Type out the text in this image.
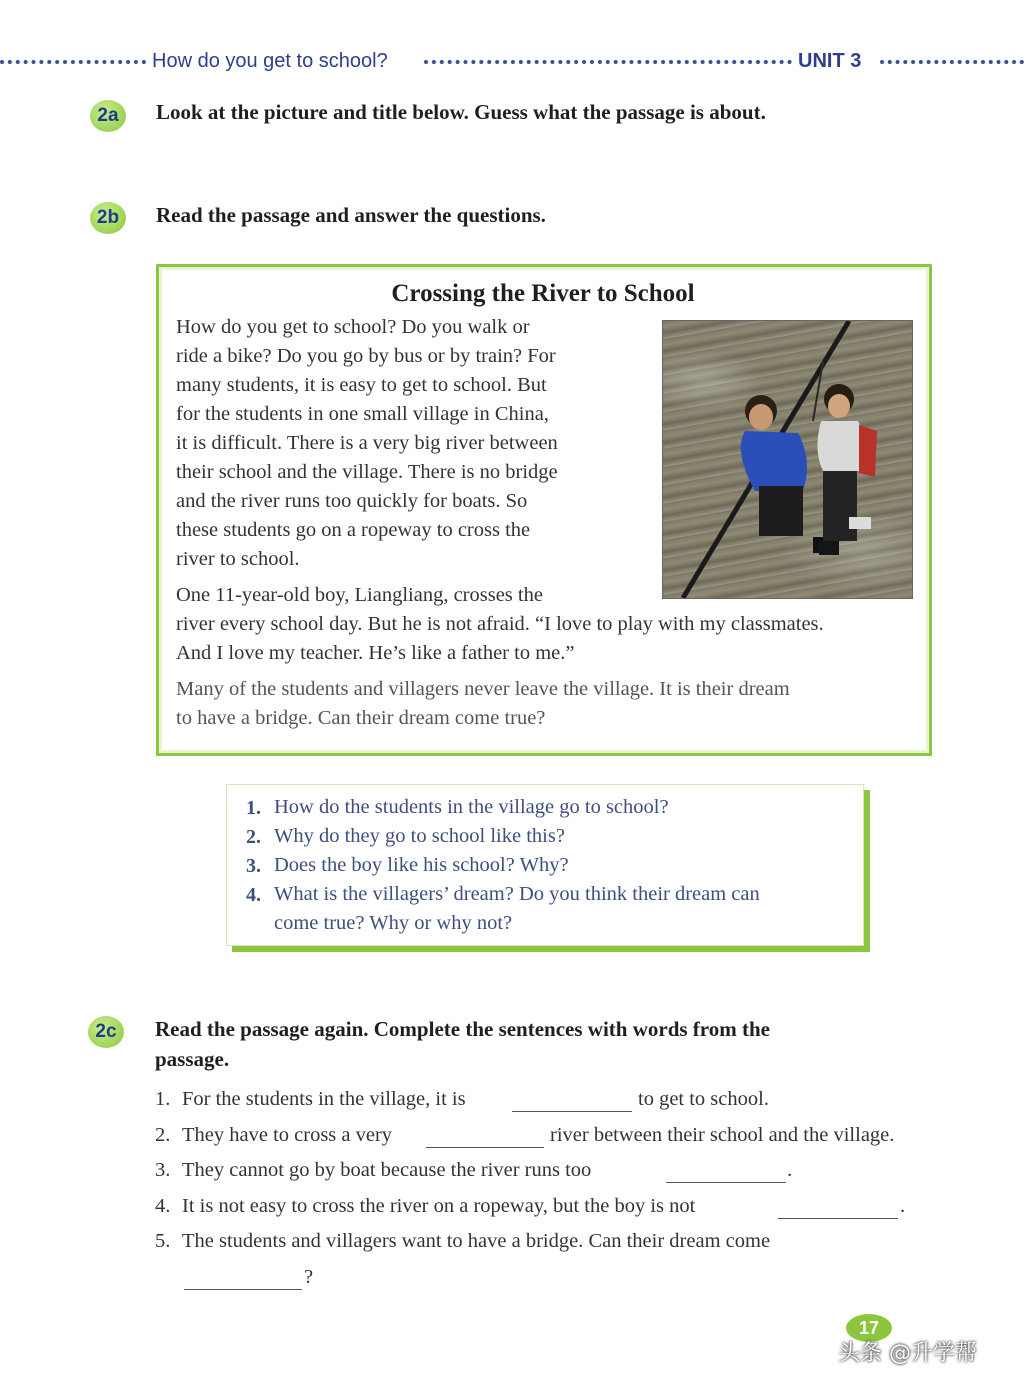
How do you get to school?	UNIT 3
2a	Look at the picture and title below. Guess what the passage is about.
2b	Read the passage and answer the questions.
Crossing the River to School
How do you get to school? Do you walk or
ride a bike? Do you go by bus or by train? For
many students, it is easy to get to school. But
for the students in one small village in China,
it is difficult. There is a very big river between
their school and the village. There is no bridge
and the river runs too quickly for boats. So
these students go on a ropeway to cross the
river to school.
One 11-year-old boy, Liangliang, crosses the
river every school day. But he is not afraid. “I love to play with my classmates.
And I love my teacher. He’s like a father to me.”
Many of the students and villagers never leave the village. It is their dream
to have a bridge. Can their dream come true?
1. How do the students in the village go to school?
2. Why do they go to school like this?
3. Does the boy like his school? Why?
4. What is the villagers’ dream? Do you think their dream can
come true? Why or why not?
2c	Read the passage again. Complete the sentences with words from the
passage.
1. For the students in the village, it is	to get to school.
2. They have to cross a very	river between their school and the village.
3. They cannot go by boat because the river runs too	.
4. It is not easy to cross the river on a ropeway, but the boy is not	.
5. The students and villagers want to have a bridge. Can their dream come
?
17
头条 @升学帮
